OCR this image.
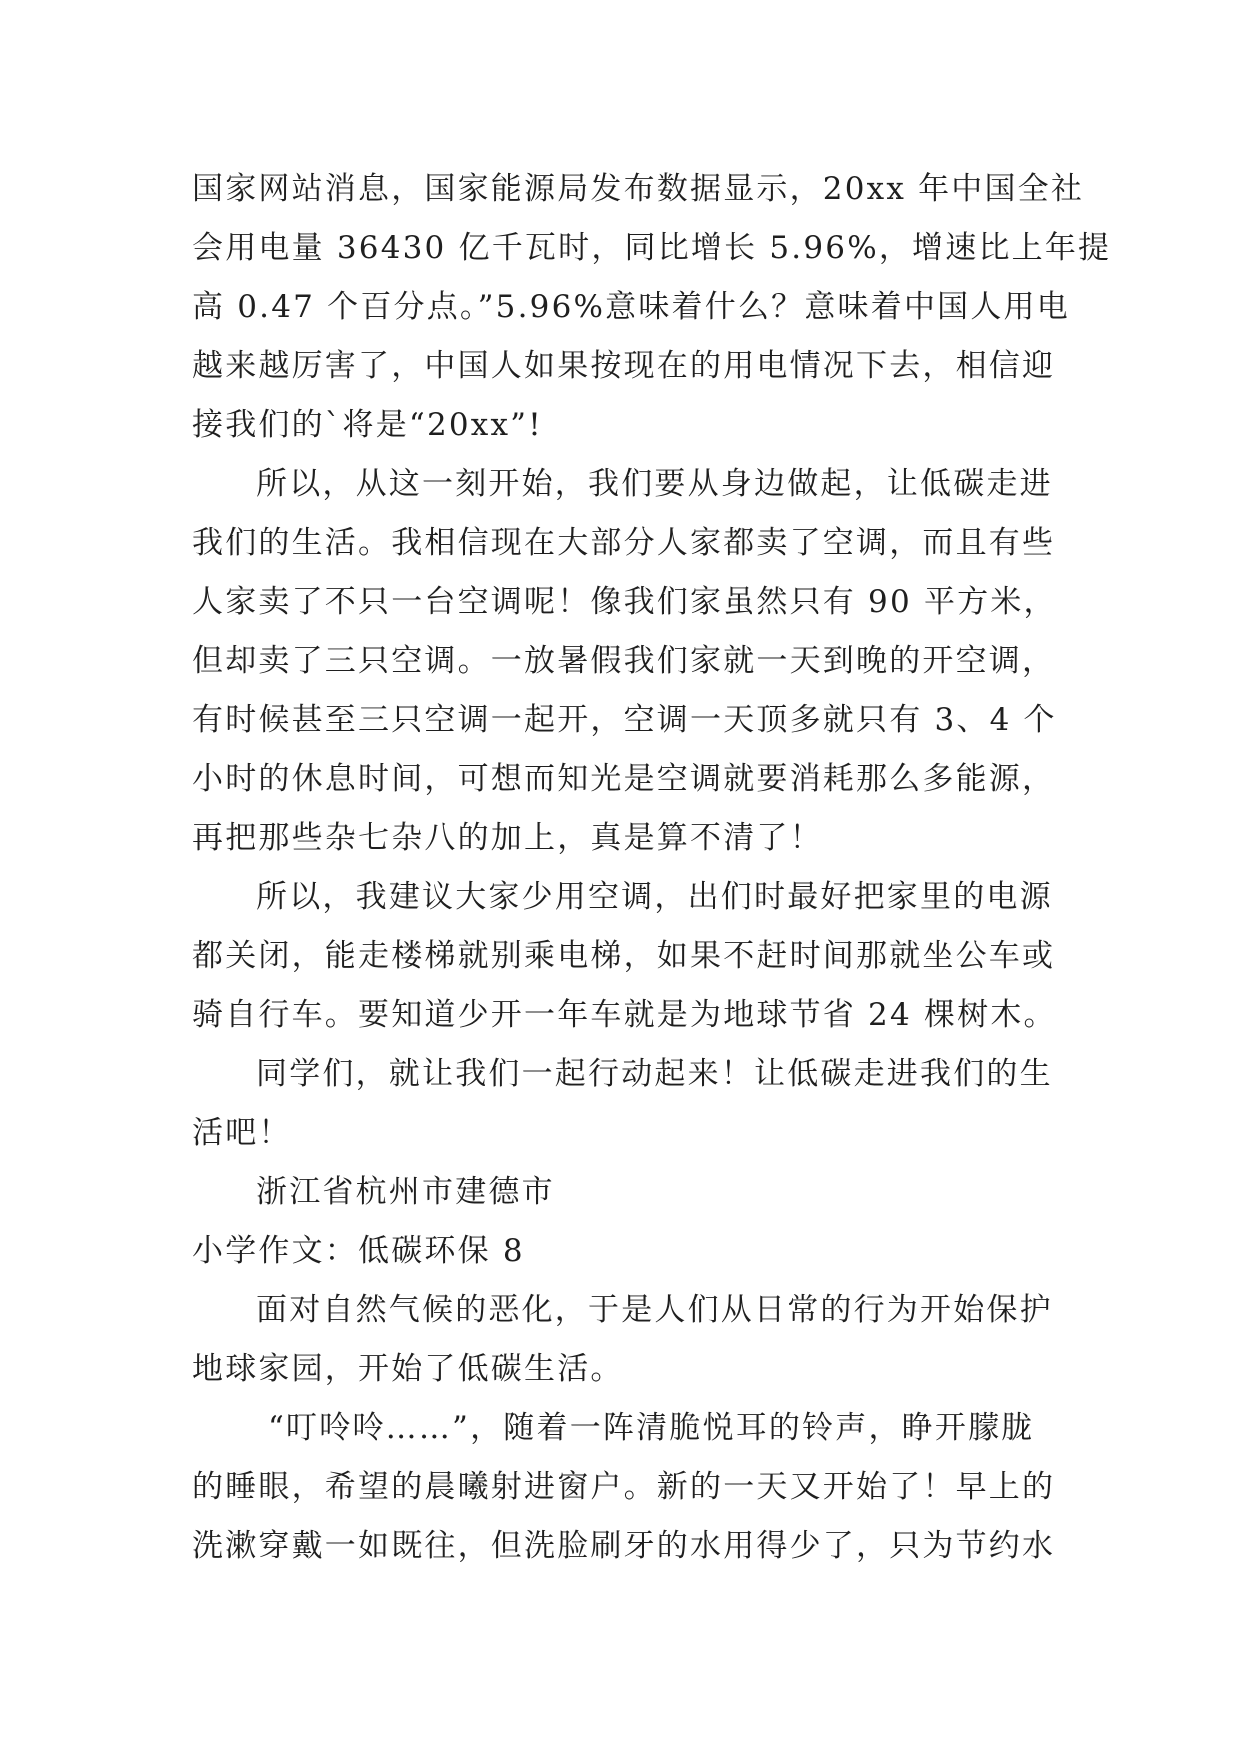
国家网站消息，国家能源局发布数据显示，20xx 年中国全社
会用电量 36430 亿千瓦时，同比增长 5.96%，增速比上年提
高 0.47 个百分点。”5.96%意味着什么？意味着中国人用电
越来越厉害了，中国人如果按现在的用电情况下去，相信迎
接我们的`将是“20xx”!
所以，从这一刻开始，我们要从身边做起，让低碳走进
我们的生活。我相信现在大部分人家都卖了空调，而且有些
人家卖了不只一台空调呢！像我们家虽然只有 90 平方米，
但却卖了三只空调。一放暑假我们家就一天到晚的开空调，
有时候甚至三只空调一起开，空调一天顶多就只有 3、4 个
小时的休息时间，可想而知光是空调就要消耗那么多能源，
再把那些杂七杂八的加上，真是算不清了！
所以，我建议大家少用空调，出们时最好把家里的电源
都关闭，能走楼梯就别乘电梯，如果不赶时间那就坐公车或
骑自行车。要知道少开一年车就是为地球节省 24 棵树木。
同学们，就让我们一起行动起来！让低碳走进我们的生
活吧！
浙江省杭州市建德市
小学作文：低碳环保 8
面对自然气候的恶化，于是人们从日常的行为开始保护
地球家园，开始了低碳生活。
“叮呤呤……”，随着一阵清脆悦耳的铃声，睁开朦胧
的睡眼，希望的晨曦射进窗户。新的一天又开始了！早上的
洗漱穿戴一如既往，但洗脸刷牙的水用得少了，只为节约水
